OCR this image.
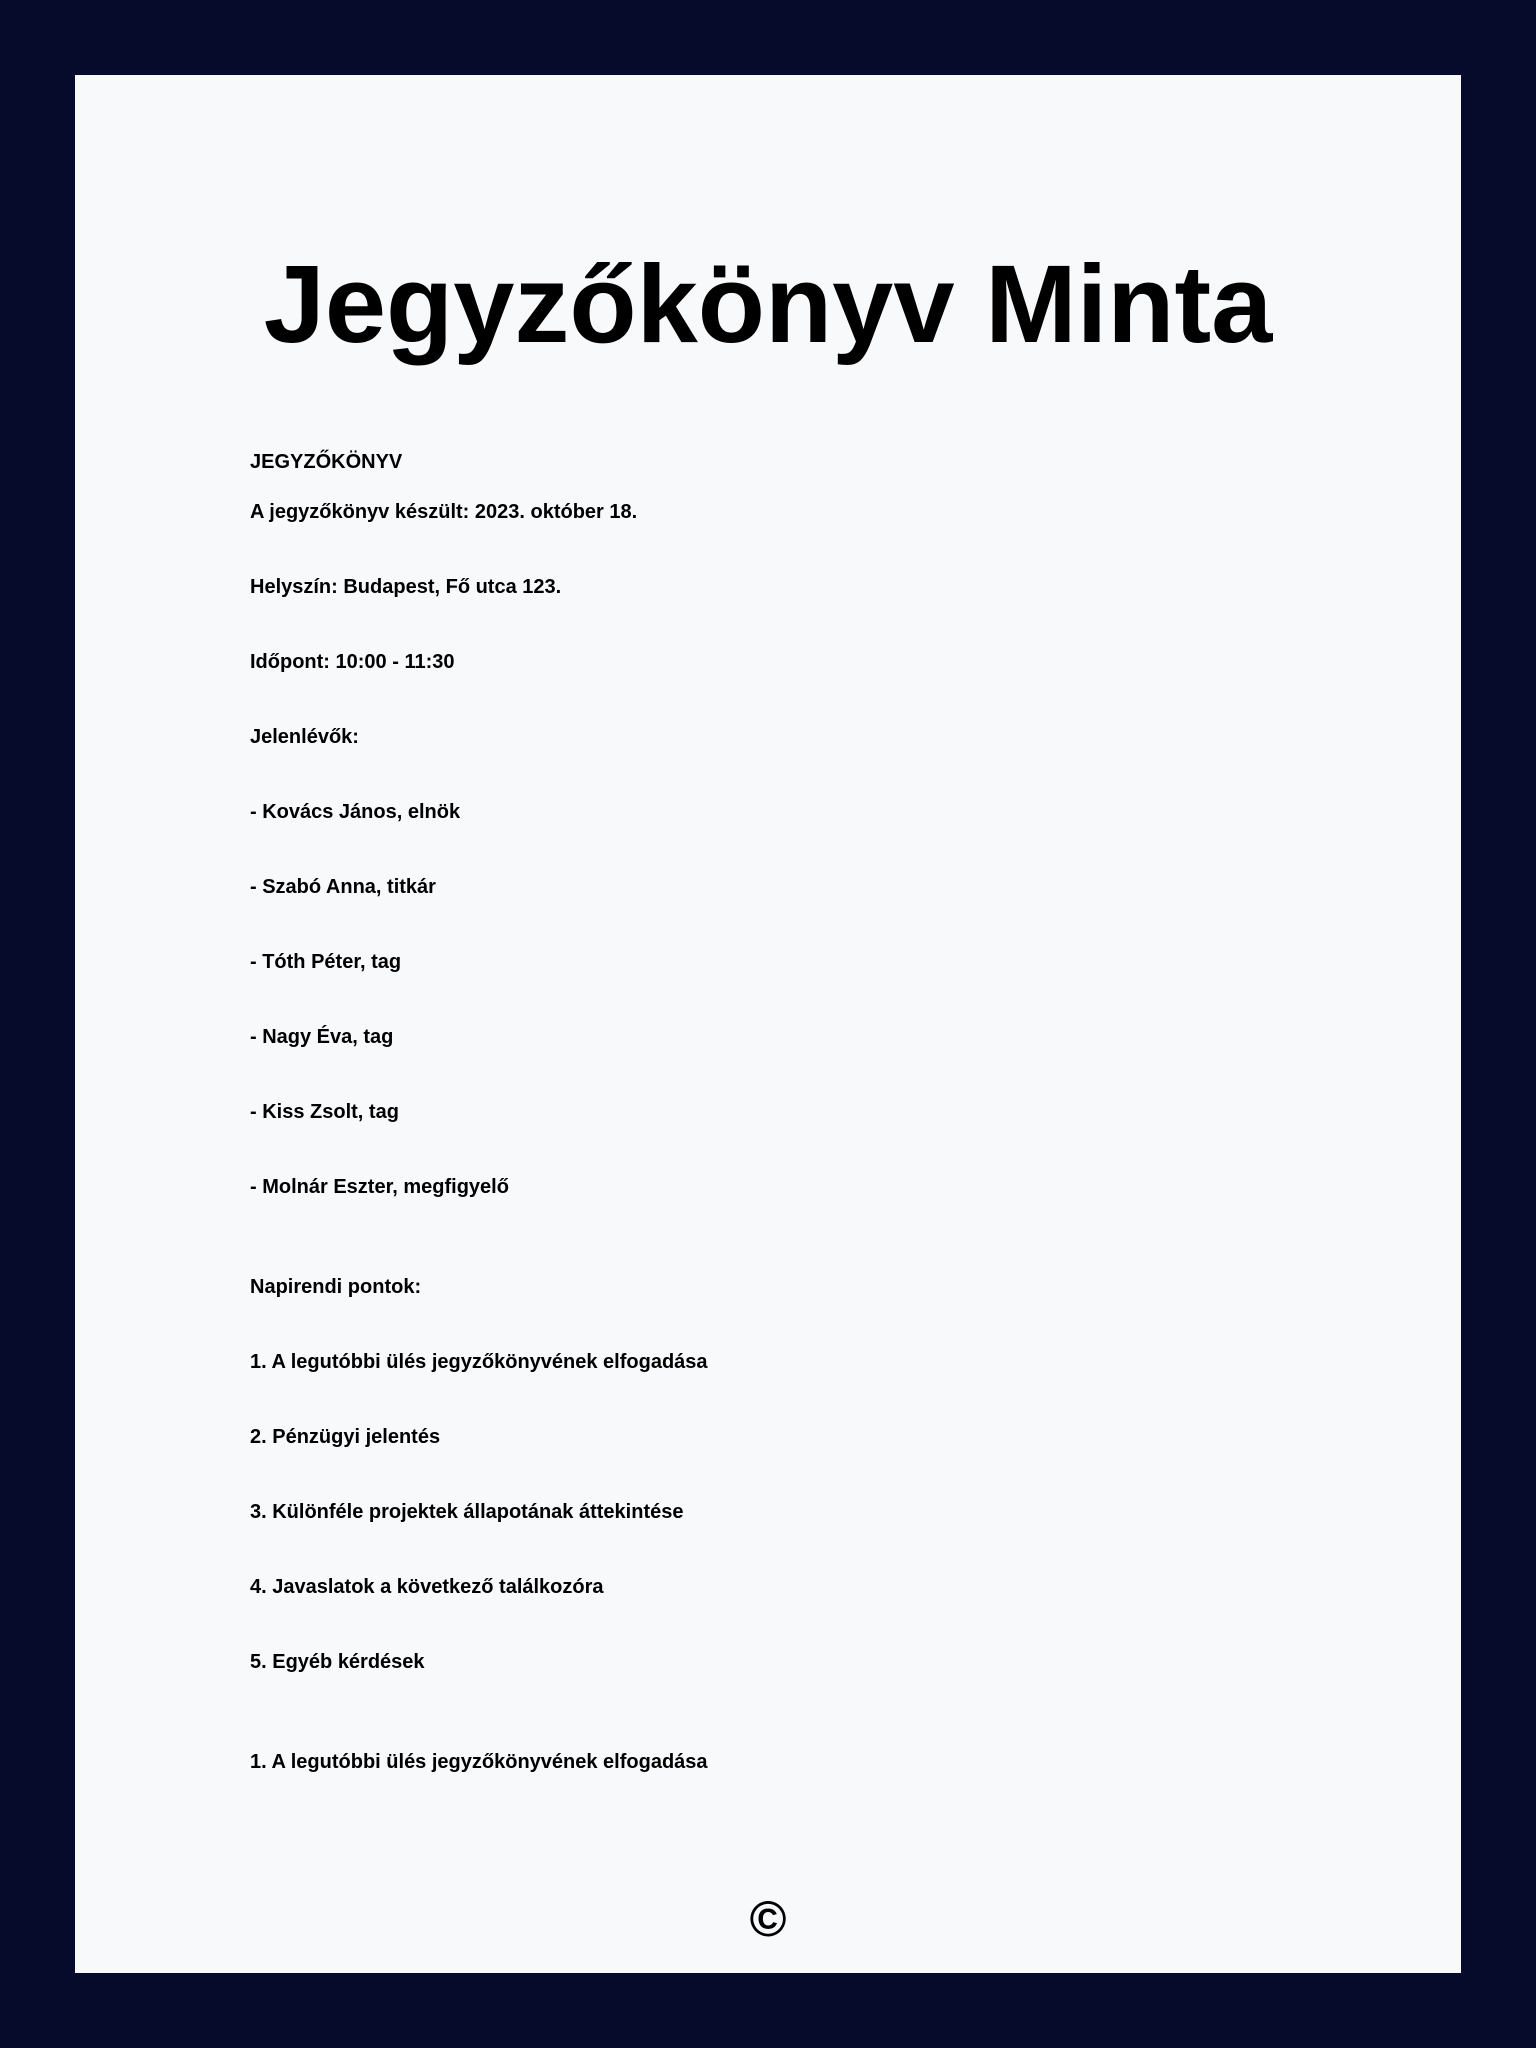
Jegyzőkönyv Minta

JEGYZŐKÖNYV

A jegyzőkönyv készült: 2023. október 18.

Helyszín: Budapest, Fő utca 123.

Időpont: 10:00 - 11:30

Jelenlévők:

- Kovács János, elnök

- Szabó Anna, titkár

- Tóth Péter, tag

- Nagy Éva, tag

- Kiss Zsolt, tag

- Molnár Eszter, megfigyelő

Napirendi pontok:

1. A legutóbbi ülés jegyzőkönyvének elfogadása

2. Pénzügyi jelentés

3. Különféle projektek állapotának áttekintése

4. Javaslatok a következő találkozóra

5. Egyéb kérdések

1. A legutóbbi ülés jegyzőkönyvének elfogadása

©
